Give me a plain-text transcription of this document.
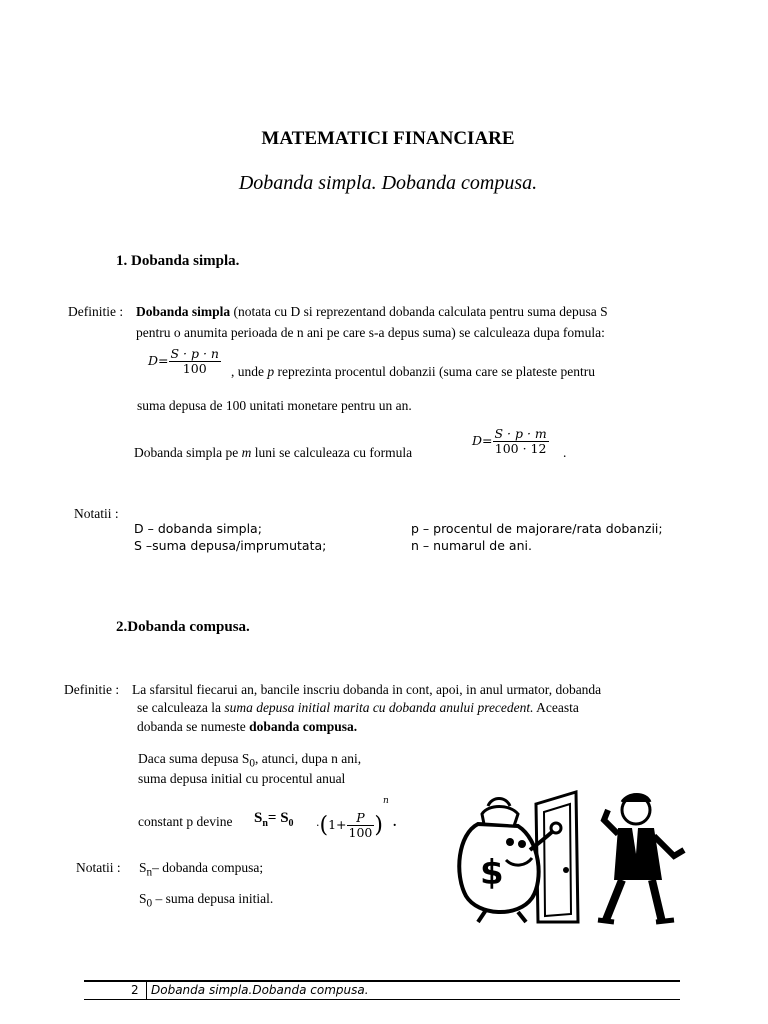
MATEMATICI FINANCIARE
Dobanda simpla. Dobanda compusa.
1. Dobanda simpla.
Definitie : Dobanda simpla (notata cu D si reprezentand dobanda calculata pentru suma depusa S
pentru o anumita perioada de n ani pe care s-a depus suma) se calculeaza dupa fomula:
$D= \frac{S \cdot p \cdot n}{100}$ , unde p reprezinta procentul dobanzii (suma care se plateste pentru
suma depusa de 100 unitati monetare pentru un an.
Dobanda simpla pe m luni se calculeaza cu formula
$D= \frac{S \cdot p \cdot m}{100 \cdot 12}$ .
Notatii :
D – dobanda simpla;
S –suma depusa/imprumutata;
p – procentul de majorare/rata dobanzii;
n – numarul de ani.
2.Dobanda compusa.
Definitie : La sfarsitul fiecarui an, bancile inscriu dobanda in cont, apoi, in anul urmator, dobanda
se calculeaza la suma depusa initial marita cu dobanda anului precedent. Aceasta
dobanda se numeste dobanda compusa.
Daca suma depusa $S_0$, atunci, dupa n ani,
suma depusa initial cu procentul anual
constant p devine $S_n= S_0 \cdot(1+ \frac{P}{100} )^n$
.
Notatii : $S_n-$ dobanda compusa;
$S_0$ – suma depusa initial.
$
2 Dobanda simpla.Dobanda compusa.
